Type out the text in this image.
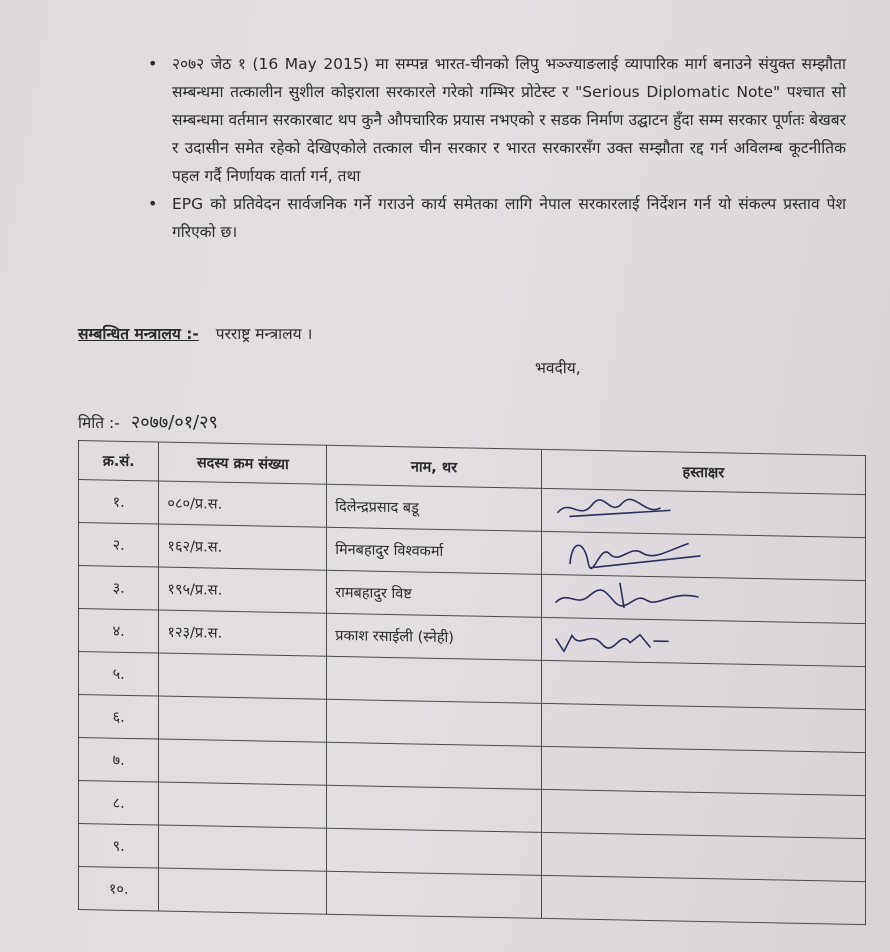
• २०७२ जेठ १ (16 May 2015) मा सम्पन्न भारत-चीनको लिपु भञ्ज्याङलाई व्यापारिक मार्ग बनाउने संयुक्त सम्झौता सम्बन्धमा तत्कालीन सुशील कोइराला सरकारले गरेको गम्भिर प्रोटेस्ट र "Serious Diplomatic Note" पश्चात सो सम्बन्धमा वर्तमान सरकारबाट थप कुनै औपचारिक प्रयास नभएको र सडक निर्माण उद्घाटन हुँदा सम्म सरकार पूर्णतः बेखबर र उदासीन समेत रहेको देखिएकोले तत्काल चीन सरकार र भारत सरकारसँग उक्त सम्झौता रद्द गर्न अविलम्ब कूटनीतिक पहल गर्दै निर्णायक वार्ता गर्न, तथा
• EPG को प्रतिवेदन सार्वजनिक गर्ने गराउने कार्य समेतका लागि नेपाल सरकारलाई निर्देशन गर्न यो संकल्प प्रस्ताव पेश गरिएको छ।
सम्बन्धित मन्त्रालय :- परराष्ट्र मन्त्रालय ।
भवदीय,
मिति :- २०७७/०१/२९
क्र.सं.	सदस्य क्रम संख्या	नाम, थर	हस्ताक्षर
१.	०८०/प्र.स.	दिलेन्द्रप्रसाद बडू	
२.	१६२/प्र.स.	मिनबहादुर विश्वकर्मा	
३.	१९५/प्र.स.	रामबहादुर विष्ट	
४.	१२३/प्र.स.	प्रकाश रसाईली (स्नेही)	
५.			
६.			
७.			
८.			
९.			
१०.			
